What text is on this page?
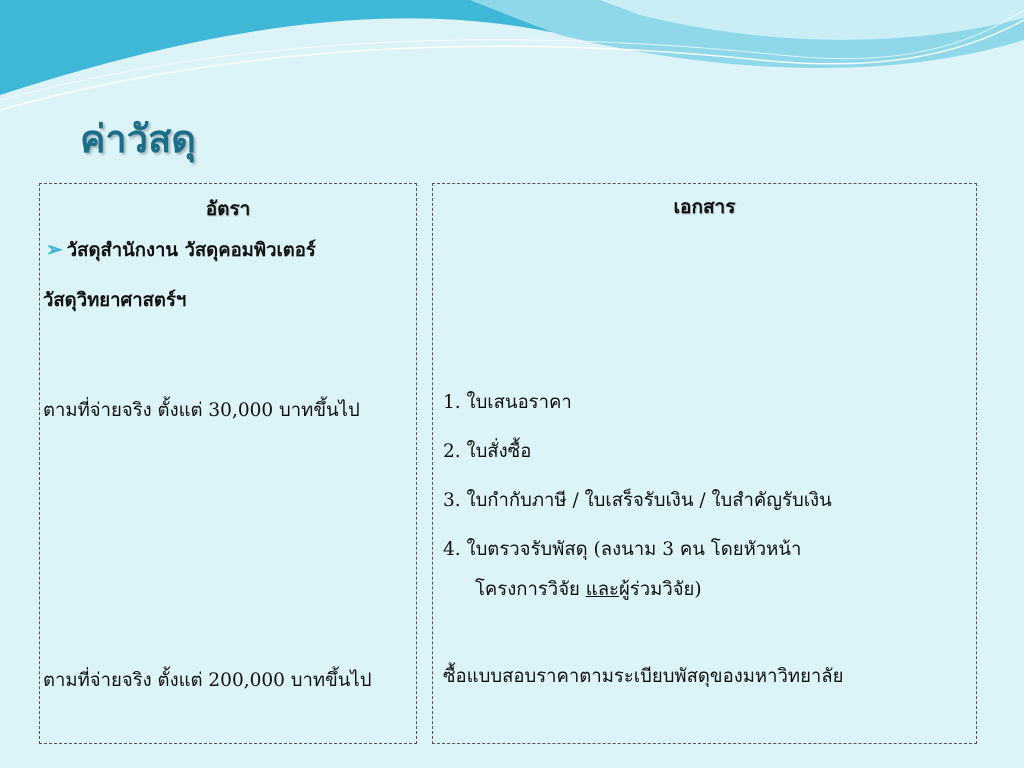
ค่าวัสดุ
อัตรา
➢ วัสดุสำนักงาน วัสดุคอมพิวเตอร์
วัสดุวิทยาศาสตร์ฯ
ตามที่จ่ายจริง ตั้งแต่ 30,000 บาทขึ้นไป
ตามที่จ่ายจริง ตั้งแต่ 200,000 บาทขึ้นไป
เอกสาร
1. ใบเสนอราคา
2. ใบสั่งซื้อ
3. ใบกำกับภาษี / ใบเสร็จรับเงิน / ใบสำคัญรับเงิน
4. ใบตรวจรับพัสดุ (ลงนาม 3 คน โดยหัวหน้า
โครงการวิจัย และผู้ร่วมวิจัย)
ซื้อแบบสอบราคาตามระเบียบพัสดุของมหาวิทยาลัย
